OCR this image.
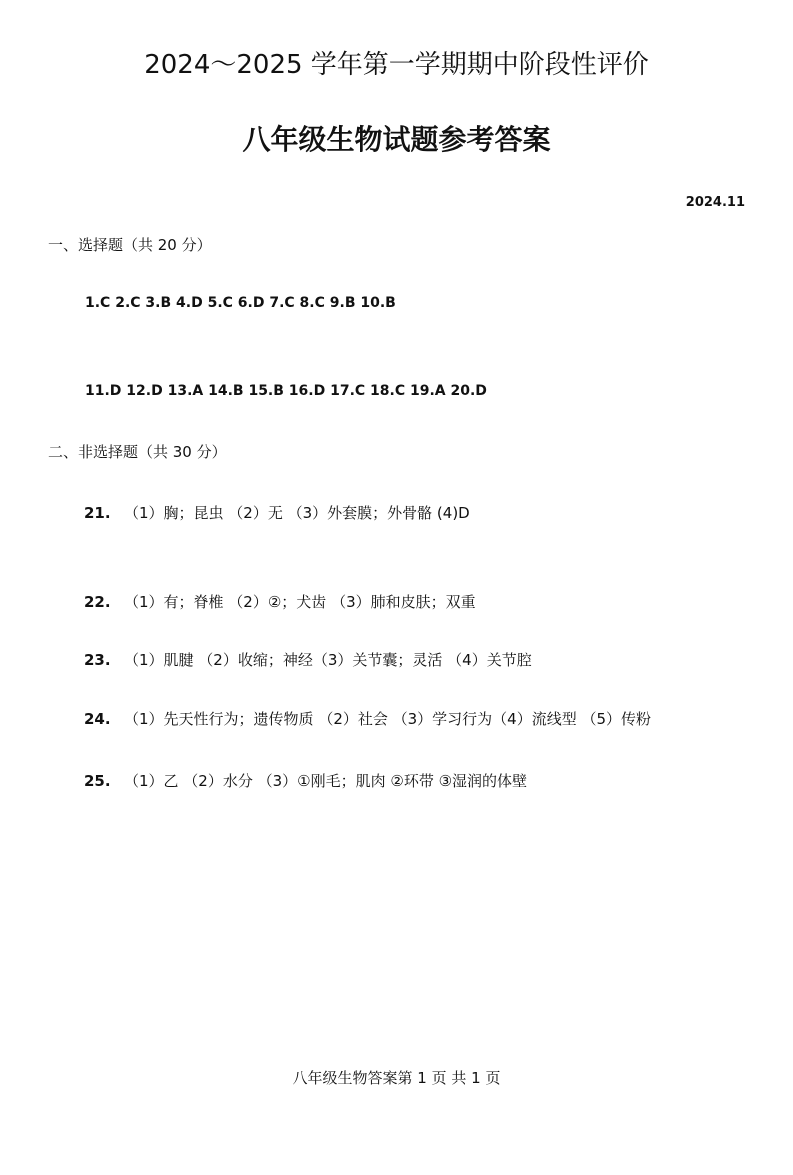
2024～2025 学年第一学期期中阶段性评价
八年级生物试题参考答案
2024.11
一、选择题（共 20 分）
1.C 2.C 3.B 4.D 5.C 6.D 7.C 8.C 9.B 10.B
11.D 12.D 13.A 14.B 15.B 16.D 17.C 18.C 19.A 20.D
二、非选择题（共 30 分）
21. （1）胸；昆虫 （2）无 （3）外套膜；外骨骼 (4)D
22. （1）有；脊椎 （2）②；犬齿 （3）肺和皮肤；双重
23. （1）肌腱 （2）收缩；神经（3）关节囊；灵活 （4）关节腔
24. （1）先天性行为；遗传物质 （2）社会 （3）学习行为（4）流线型 （5）传粉
25. （1）乙 （2）水分 （3）①刚毛；肌肉 ②环带 ③湿润的体壁
八年级生物答案第 1 页 共 1 页
